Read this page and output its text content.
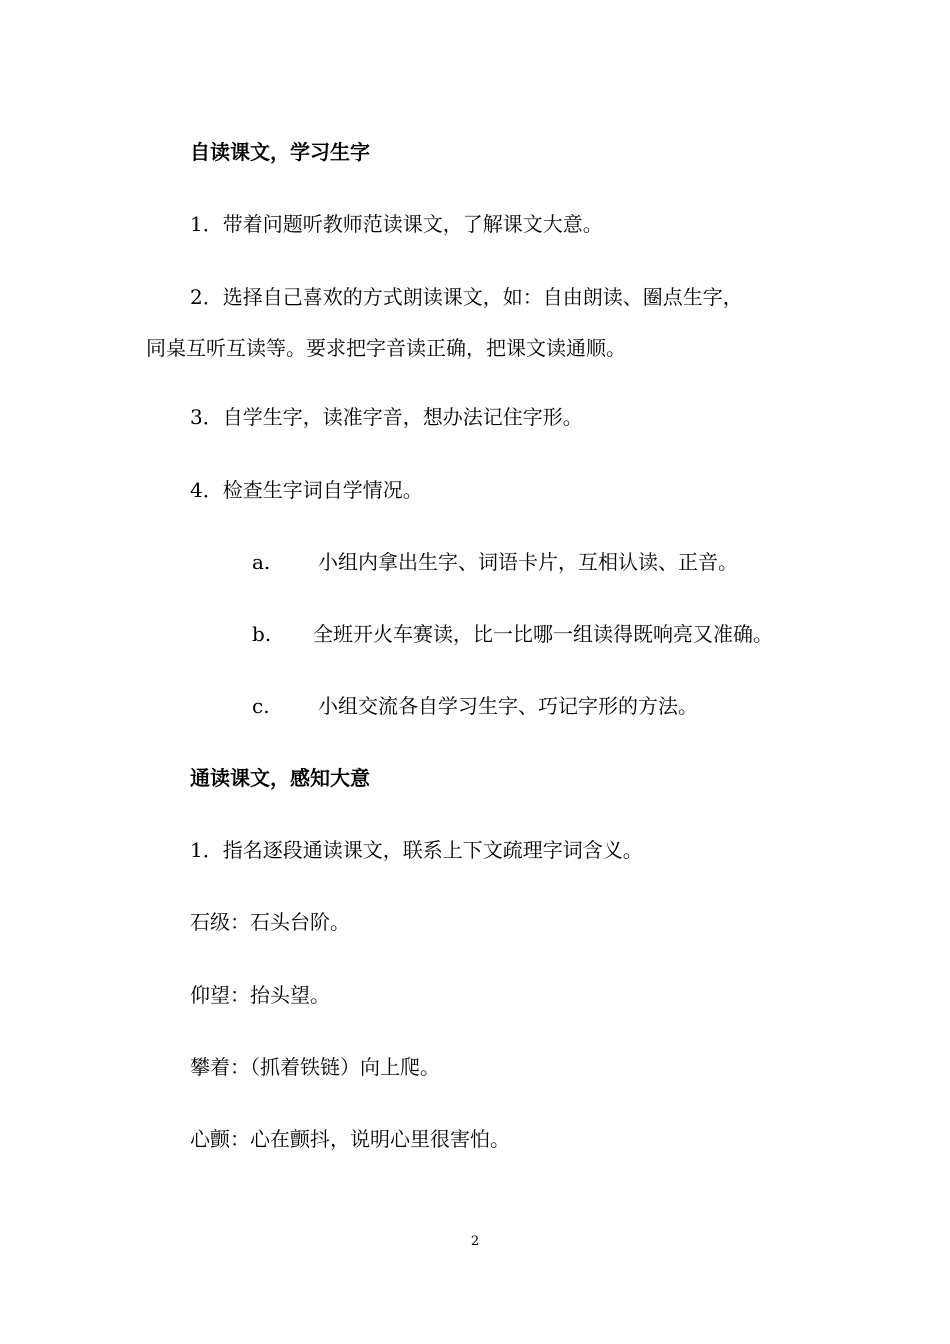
自读课文，学习生字
1．带着问题听教师范读课文，了解课文大意。
2．选择自己喜欢的方式朗读课文，如：自由朗读、圈点生字，
同桌互听互读等。要求把字音读正确，把课文读通顺。
3．自学生字，读准字音，想办法记住字形。
4．检查生字词自学情况。
a. 小组内拿出生字、词语卡片，互相认读、正音。
b. 全班开火车赛读，比一比哪一组读得既响亮又准确。
c. 小组交流各自学习生字、巧记字形的方法。
通读课文，感知大意
1．指名逐段通读课文，联系上下文疏理字词含义。
石级：石头台阶。
仰望：抬头望。
攀着：（抓着铁链）向上爬。
心颤：心在颤抖，说明心里很害怕。
2
